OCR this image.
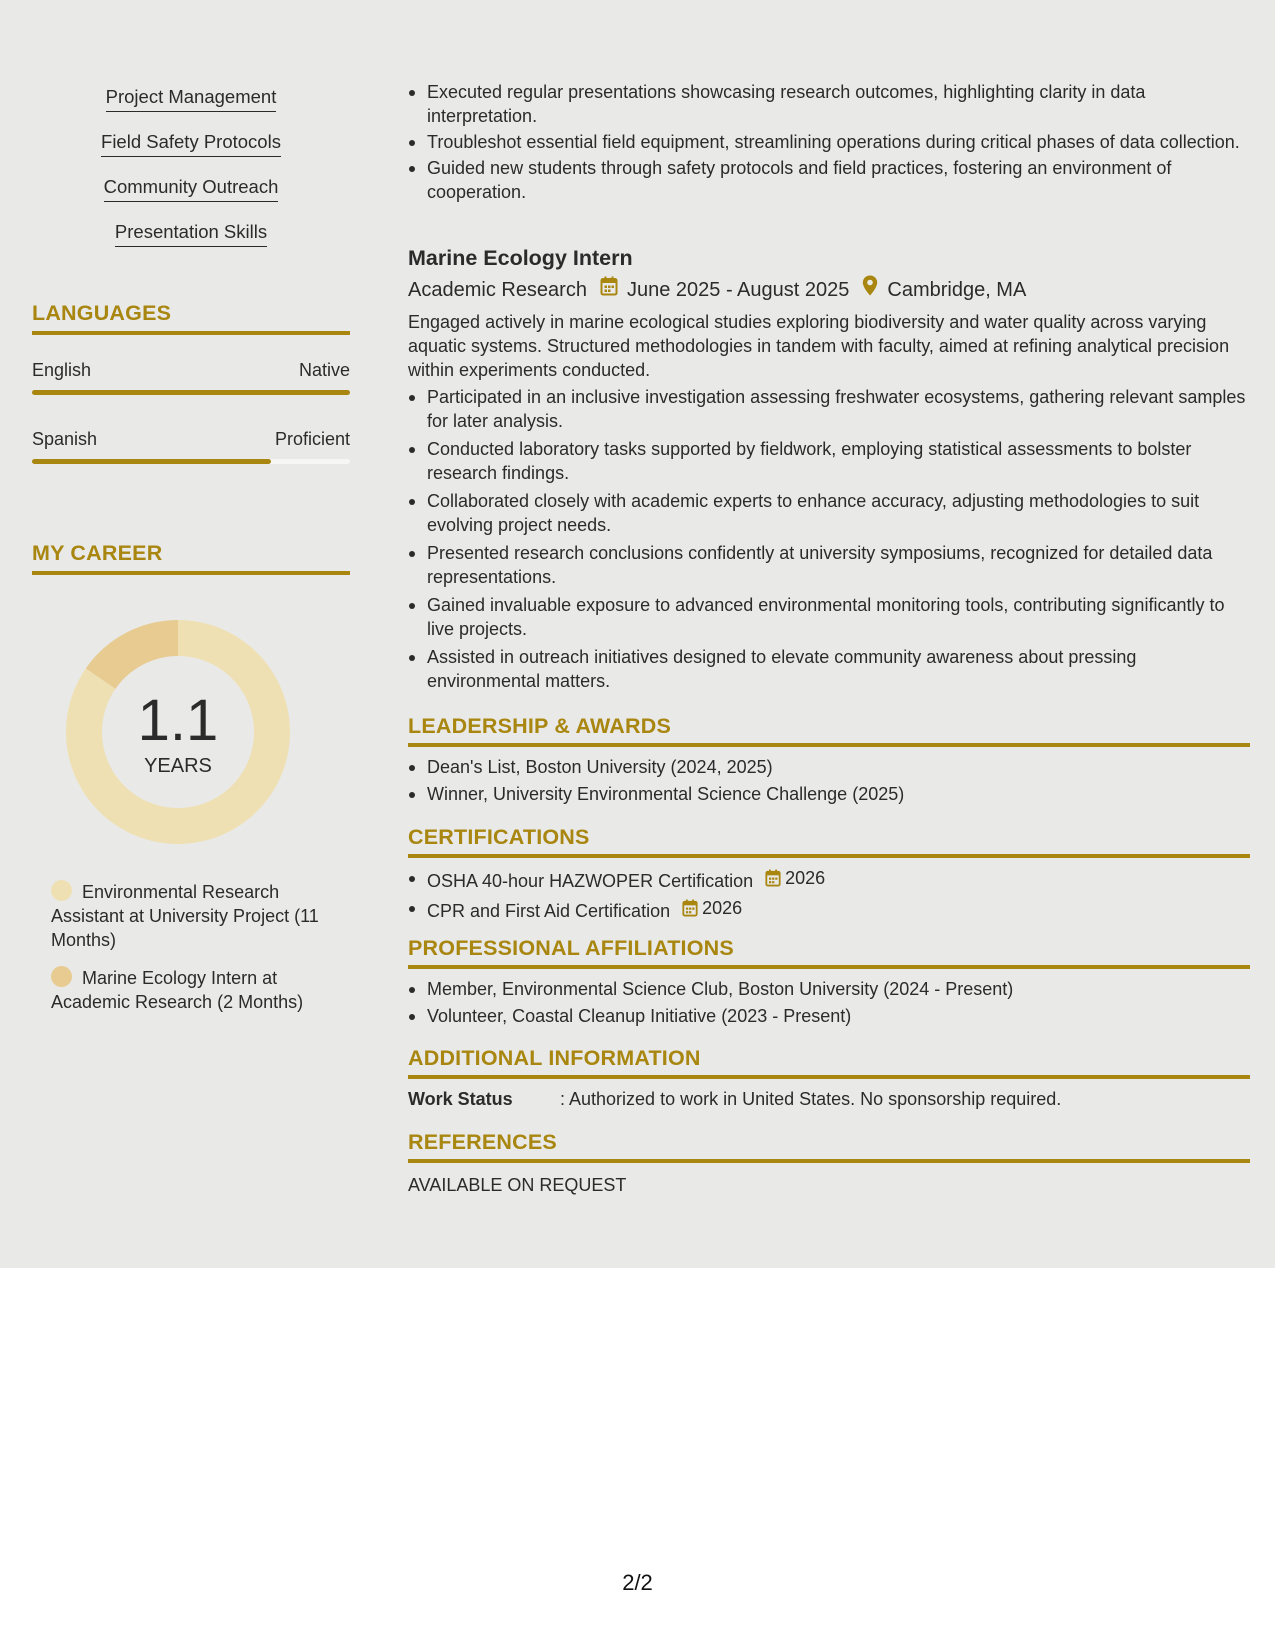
Project Management
Field Safety Protocols
Community Outreach
Presentation Skills
LANGUAGES
English	Native
Spanish	Proficient
MY CAREER
1.1
YEARS
Environmental Research Assistant at University Project (11 Months)
Marine Ecology Intern at Academic Research (2 Months)
Executed regular presentations showcasing research outcomes, highlighting clarity in data interpretation.
Troubleshot essential field equipment, streamlining operations during critical phases of data collection.
Guided new students through safety protocols and field practices, fostering an environment of cooperation.
Marine Ecology Intern
Academic Research June 2025 - August 2025 Cambridge, MA
Engaged actively in marine ecological studies exploring biodiversity and water quality across varying aquatic systems. Structured methodologies in tandem with faculty, aimed at refining analytical precision within experiments conducted.
Participated in an inclusive investigation assessing freshwater ecosystems, gathering relevant samples for later analysis.
Conducted laboratory tasks supported by fieldwork, employing statistical assessments to bolster research findings.
Collaborated closely with academic experts to enhance accuracy, adjusting methodologies to suit evolving project needs.
Presented research conclusions confidently at university symposiums, recognized for detailed data representations.
Gained invaluable exposure to advanced environmental monitoring tools, contributing significantly to live projects.
Assisted in outreach initiatives designed to elevate community awareness about pressing environmental matters.
LEADERSHIP & AWARDS
Dean's List, Boston University (2024, 2025)
Winner, University Environmental Science Challenge (2025)
CERTIFICATIONS
OSHA 40-hour HAZWOPER Certification 2026
CPR and First Aid Certification 2026
PROFESSIONAL AFFILIATIONS
Member, Environmental Science Club, Boston University (2024 - Present)
Volunteer, Coastal Cleanup Initiative (2023 - Present)
ADDITIONAL INFORMATION
Work Status	: Authorized to work in United States. No sponsorship required.
REFERENCES
AVAILABLE ON REQUEST
2/2
